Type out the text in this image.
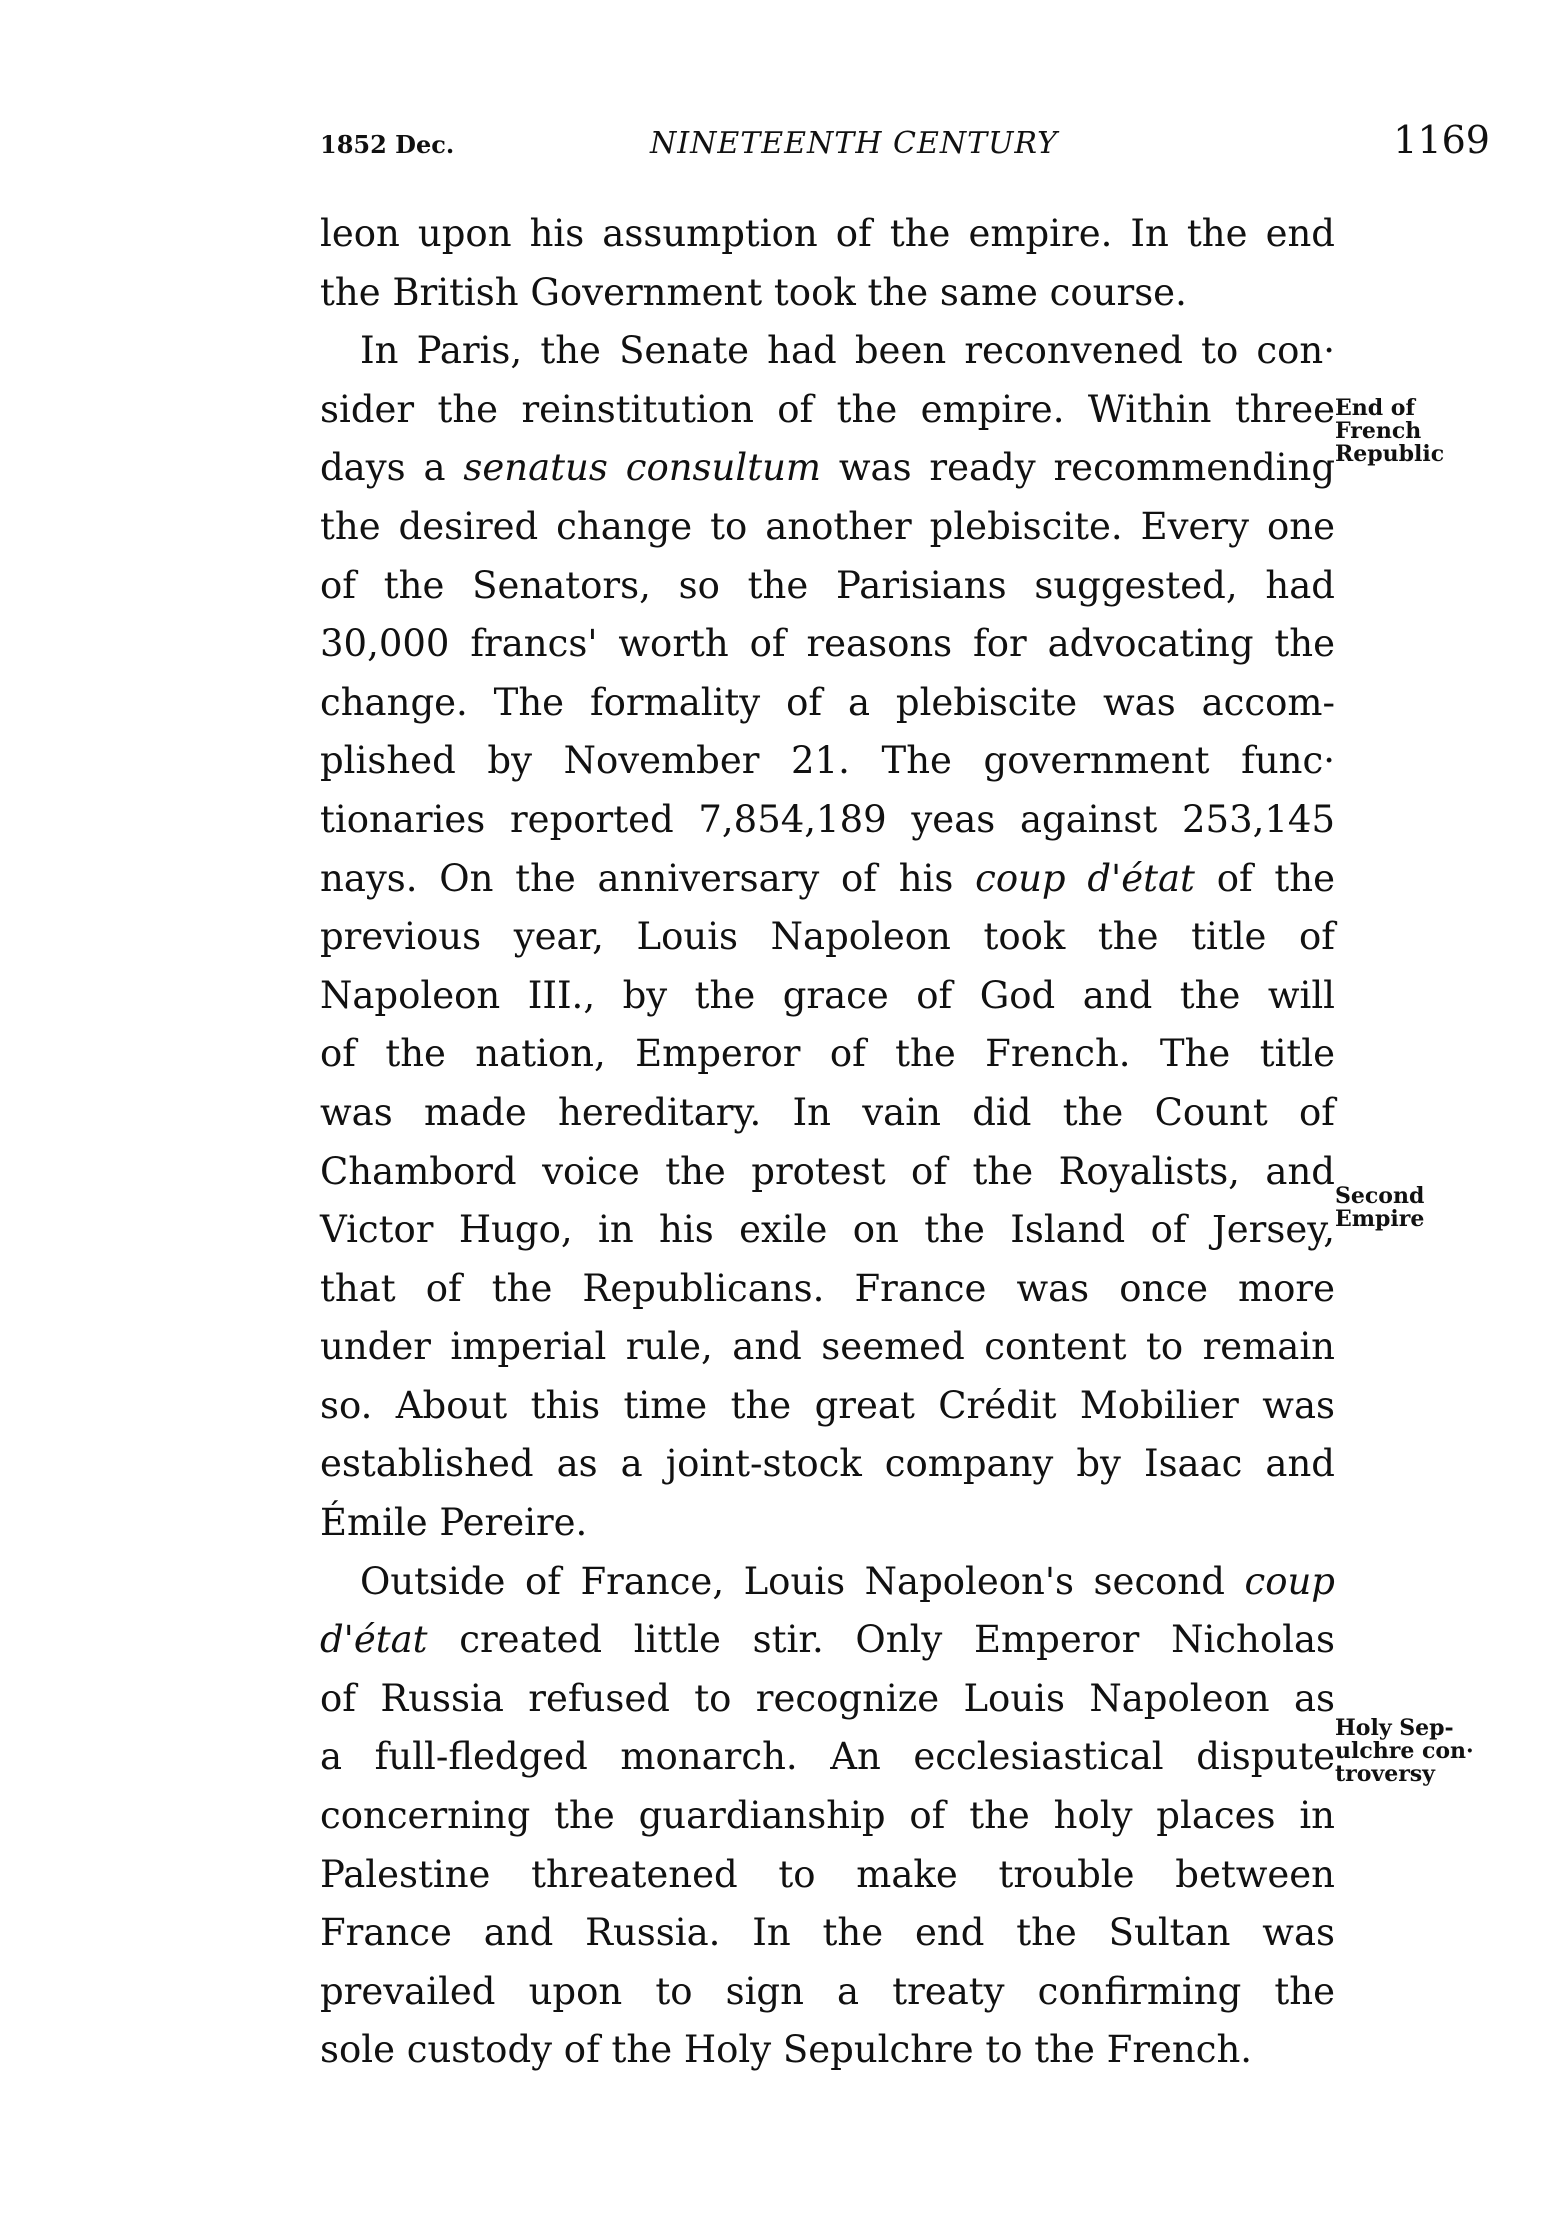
1852 Dec.	NINETEENTH CENTURY	1169
leon upon his assumption of the empire. In the end
the British Government took the same course.
In Paris, the Senate had been reconvened to con·
sider the reinstitution of the empire. Within three
days a senatus consultum was ready recommending
the desired change to another plebiscite. Every one
of the Senators, so the Parisians suggested, had
30,000 francs' worth of reasons for advocating the
change. The formality of a plebiscite was accom-
plished by November 21. The government func·
tionaries reported 7,854,189 yeas against 253,145
nays. On the anniversary of his coup d'état of the
previous year, Louis Napoleon took the title of
Napoleon III., by the grace of God and the will
of the nation, Emperor of the French. The title
was made hereditary. In vain did the Count of
Chambord voice the protest of the Royalists, and
Victor Hugo, in his exile on the Island of Jersey,
that of the Republicans. France was once more
under imperial rule, and seemed content to remain
so. About this time the great Crédit Mobilier was
established as a joint-stock company by Isaac and
Émile Pereire.
Outside of France, Louis Napoleon's second coup
d'état created little stir. Only Emperor Nicholas
of Russia refused to recognize Louis Napoleon as
a full-fledged monarch. An ecclesiastical dispute
concerning the guardianship of the holy places in
Palestine threatened to make trouble between
France and Russia. In the end the Sultan was
prevailed upon to sign a treaty confirming the
sole custody of the Holy Sepulchre to the French.
End of
French
Republic
Second
Empire
Holy Sep-
ulchre con·
troversy
